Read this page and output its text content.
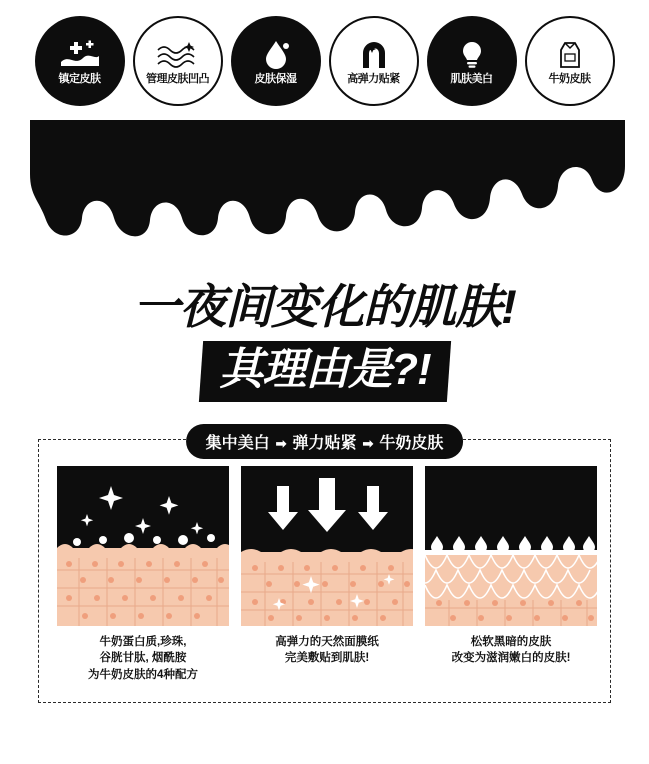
镇定皮肤	管理皮肤凹凸	皮肤保湿	高弹力贴紧	肌肤美白	牛奶皮肤
一夜间变化的肌肤!
其理由是?!
集中美白 ➡ 弹力贴紧 ➡ 牛奶皮肤
牛奶蛋白质,珍珠,
谷胱甘肽, 烟酰胺
为牛奶皮肤的4种配方
高弹力的天然面膜纸
完美敷贴到肌肤!
松软黑暗的皮肤
改变为滋润嫩白的皮肤!
